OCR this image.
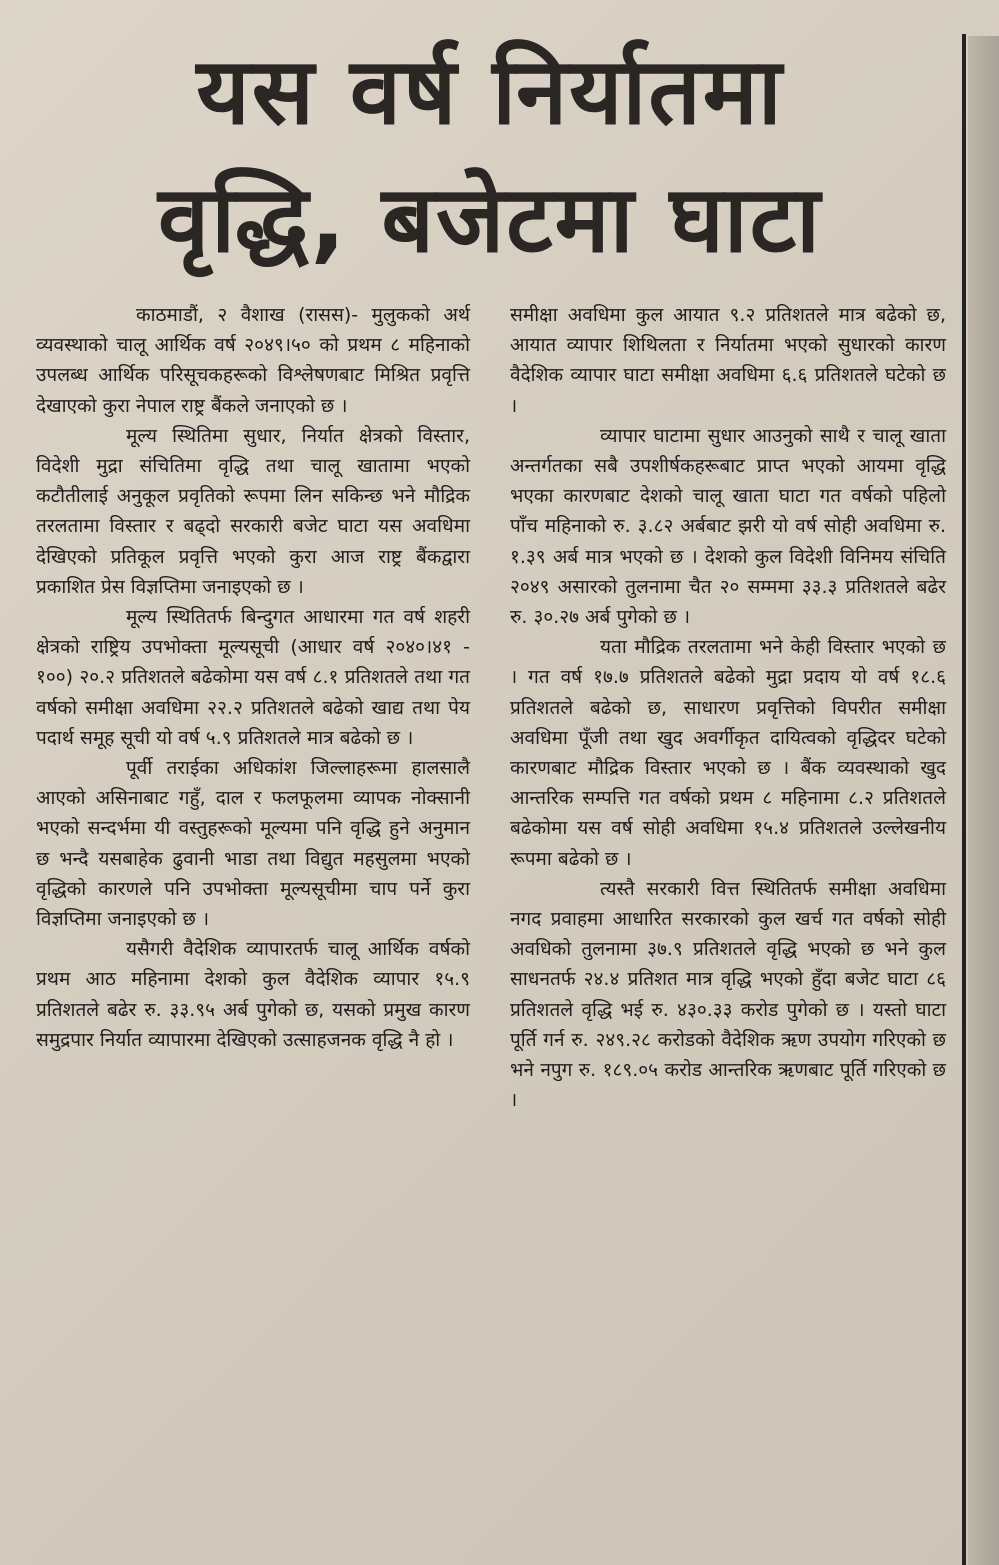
यस वर्ष निर्यातमा
वृद्धि, बजेटमा घाटा

काठमाडौं, २ वैशाख (रासस)- मुलुकको अर्थ व्यवस्थाको चालू आर्थिक वर्ष २०४९।५० को प्रथम ८ महिनाको उपलब्ध आर्थिक परिसूचकहरूको विश्लेषणबाट मिश्रित प्रवृत्ति देखाएको कुरा नेपाल राष्ट्र बैंकले जनाएको छ ।

मूल्य स्थितिमा सुधार, निर्यात क्षेत्रको विस्तार, विदेशी मुद्रा संचितिमा वृद्धि तथा चालू खातामा भएको कटौतीलाई अनुकूल प्रवृतिको रूपमा लिन सकिन्छ भने मौद्रिक तरलतामा विस्तार र बढ्दो सरकारी बजेट घाटा यस अवधिमा देखिएको प्रतिकूल प्रवृत्ति भएको कुरा आज राष्ट्र बैंकद्वारा प्रकाशित प्रेस विज्ञप्तिमा जनाइएको छ ।

मूल्य स्थितितर्फ बिन्दुगत आधारमा गत वर्ष शहरी क्षेत्रको राष्ट्रिय उपभोक्ता मूल्यसूची (आधार वर्ष २०४०।४१ - १००) २०.२ प्रतिशतले बढेकोमा यस वर्ष ८.१ प्रतिशतले तथा गत वर्षको समीक्षा अवधिमा २२.२ प्रतिशतले बढेको खाद्य तथा पेय पदार्थ समूह सूची यो वर्ष ५.९ प्रतिशतले मात्र बढेको छ ।

पूर्वी तराईका अधिकांश जिल्लाहरूमा हालसालै आएको असिनाबाट गहुँ, दाल र फलफूलमा व्यापक नोक्सानी भएको सन्दर्भमा यी वस्तुहरूको मूल्यमा पनि वृद्धि हुने अनुमान छ भन्दै यसबाहेक ढुवानी भाडा तथा विद्युत महसुलमा भएको वृद्धिको कारणले पनि उपभोक्ता मूल्यसूचीमा चाप पर्ने कुरा विज्ञप्तिमा जनाइएको छ ।

यसैगरी वैदेशिक व्यापारतर्फ चालू आर्थिक वर्षको प्रथम आठ महिनामा देशको कुल वैदेशिक व्यापार १५.९ प्रतिशतले बढेर रु. ३३.९५ अर्ब पुगेको छ, यसको प्रमुख कारण समुद्रपार निर्यात व्यापारमा देखिएको उत्साहजनक वृद्धि नै हो ।

समीक्षा अवधिमा कुल आयात ९.२ प्रतिशतले मात्र बढेको छ, आयात व्यापार शिथिलता र निर्यातमा भएको सुधारको कारण वैदेशिक व्यापार घाटा समीक्षा अवधिमा ६.६ प्रतिशतले घटेको छ ।

व्यापार घाटामा सुधार आउनुको साथै र चालू खाता अन्तर्गतका सबै उपशीर्षकहरूबाट प्राप्त भएको आयमा वृद्धि भएका कारणबाट देशको चालू खाता घाटा गत वर्षको पहिलो पाँच महिनाको रु. ३.८२ अर्बबाट झरी यो वर्ष सोही अवधिमा रु. १.३९ अर्ब मात्र भएको छ । देशको कुल विदेशी विनिमय संचिति २०४९ असारको तुलनामा चैत २० सम्ममा ३३.३ प्रतिशतले बढेर रु. ३०.२७ अर्ब पुगेको छ ।

यता मौद्रिक तरलतामा भने केही विस्तार भएको छ । गत वर्ष १७.७ प्रतिशतले बढेको मुद्रा प्रदाय यो वर्ष १८.६ प्रतिशतले बढेको छ, साधारण प्रवृत्तिको विपरीत समीक्षा अवधिमा पूँजी तथा खुद अवर्गीकृत दायित्वको वृद्धिदर घटेको कारणबाट मौद्रिक विस्तार भएको छ । बैंक व्यवस्थाको खुद आन्तरिक सम्पत्ति गत वर्षको प्रथम ८ महिनामा ८.२ प्रतिशतले बढेकोमा यस वर्ष सोही अवधिमा १५.४ प्रतिशतले उल्लेखनीय रूपमा बढेको छ ।

त्यस्तै सरकारी वित्त स्थितितर्फ समीक्षा अवधिमा नगद प्रवाहमा आधारित सरकारको कुल खर्च गत वर्षको सोही अवधिको तुलनामा ३७.९ प्रतिशतले वृद्धि भएको छ भने कुल साधनतर्फ २४.४ प्रतिशत मात्र वृद्धि भएको हुँदा बजेट घाटा ८६ प्रतिशतले वृद्धि भई रु. ४३०.३३ करोड पुगेको छ । यस्तो घाटा पूर्ति गर्न रु. २४९.२८ करोडको वैदेशिक ऋण उपयोग गरिएको छ भने नपुग रु. १८९.०५ करोड आन्तरिक ऋणबाट पूर्ति गरिएको छ ।
